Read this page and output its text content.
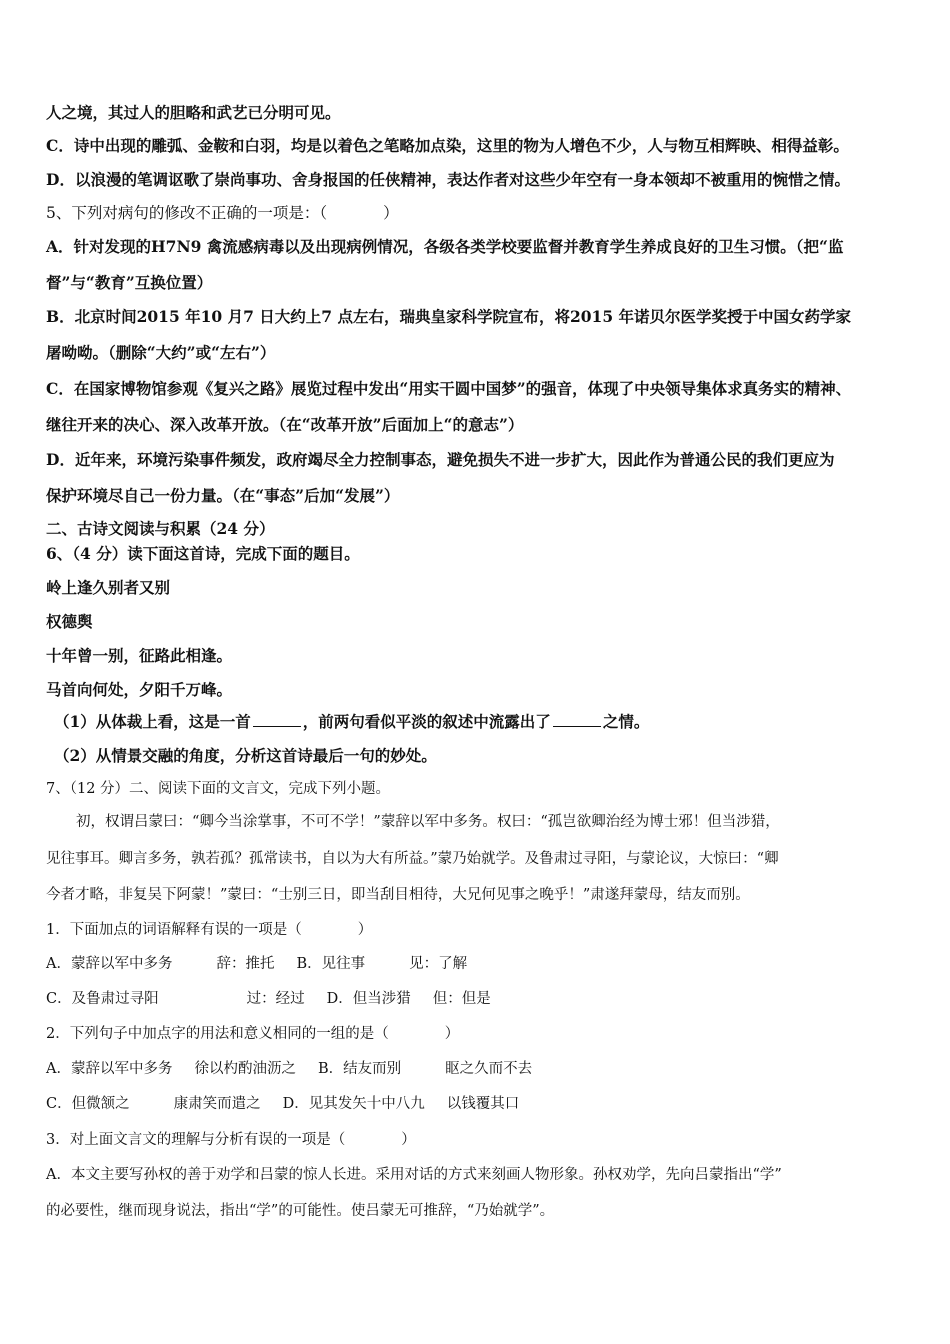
人之境，其过人的胆略和武艺已分明可见。
C．诗中出现的雕弧、金鞍和白羽，均是以着色之笔略加点染，这里的物为人增色不少，人与物互相辉映、相得益彰。
D．以浪漫的笔调讴歌了崇尚事功、舍身报国的任侠精神，表达作者对这些少年空有一身本领却不被重用的惋惜之情。
5、下列对病句的修改不正确的一项是：（	）
A．针对发现的H7N9 禽流感病毒以及出现病例情况，各级各类学校要监督并教育学生养成良好的卫生习惯。（把“监
督”与“教育”互换位置）
B．北京时间2015 年10 月7 日大约上7 点左右，瑞典皇家科学院宣布，将2015 年诺贝尔医学奖授于中国女药学家
屠呦呦。（删除“大约”或“左右”）
C．在国家博物馆参观《复兴之路》展览过程中发出“用实干圆中国梦”的强音，体现了中央领导集体求真务实的精神、
继往开来的决心、深入改革开放。（在“改革开放”后面加上“的意志”）
D．近年来，环境污染事件频发，政府竭尽全力控制事态，避免损失不进一步扩大，因此作为普通公民的我们更应为
保护环境尽自己一份力量。（在“事态”后加“发展”）
二、古诗文阅读与积累（24 分）
6、（4 分）读下面这首诗，完成下面的题目。
岭上逢久别者又别
权德舆
十年曾一别，征路此相逢。
马首向何处，夕阳千万峰。
（1）从体裁上看，这是一首	，前两句看似平淡的叙述中流露出了	之情。
（2）从情景交融的角度，分析这首诗最后一句的妙处。
7、（12 分）二、阅读下面的文言文，完成下列小题。
初，权谓吕蒙曰：“卿今当涂掌事，不可不学！”蒙辞以军中多务。权曰：“孤岂欲卿治经为博士邪！但当涉猎，
见往事耳。卿言多务，孰若孤？孤常读书，自以为大有所益。”蒙乃始就学。及鲁肃过寻阳，与蒙论议，大惊曰：“卿
今者才略，非复吴下阿蒙！”蒙曰：“士别三日，即当刮目相待，大兄何见事之晚乎！”肃遂拜蒙母，结友而别。
1．下面加点的词语解释有误的一项是（	）
A．蒙辞以军中多务	辞：推托 B．见往事	见：了解
C．及鲁肃过寻阳	过：经过 D．但当涉猎 但：但是
2．下列句子中加点字的用法和意义相同的一组的是（	）
A．蒙辞以军中多务 徐以杓酌油沥之 B．结友而别	眍之久而不去
C．但微颔之	康肃笑而遣之 D．见其发矢十中八九 以钱覆其口
3．对上面文言文的理解与分析有误的一项是（	）
A．本文主要写孙权的善于劝学和吕蒙的惊人长进。采用对话的方式来刻画人物形象。孙权劝学，先向吕蒙指出“学”
的必要性，继而现身说法，指出“学”的可能性。使吕蒙无可推辞，“乃始就学”。
